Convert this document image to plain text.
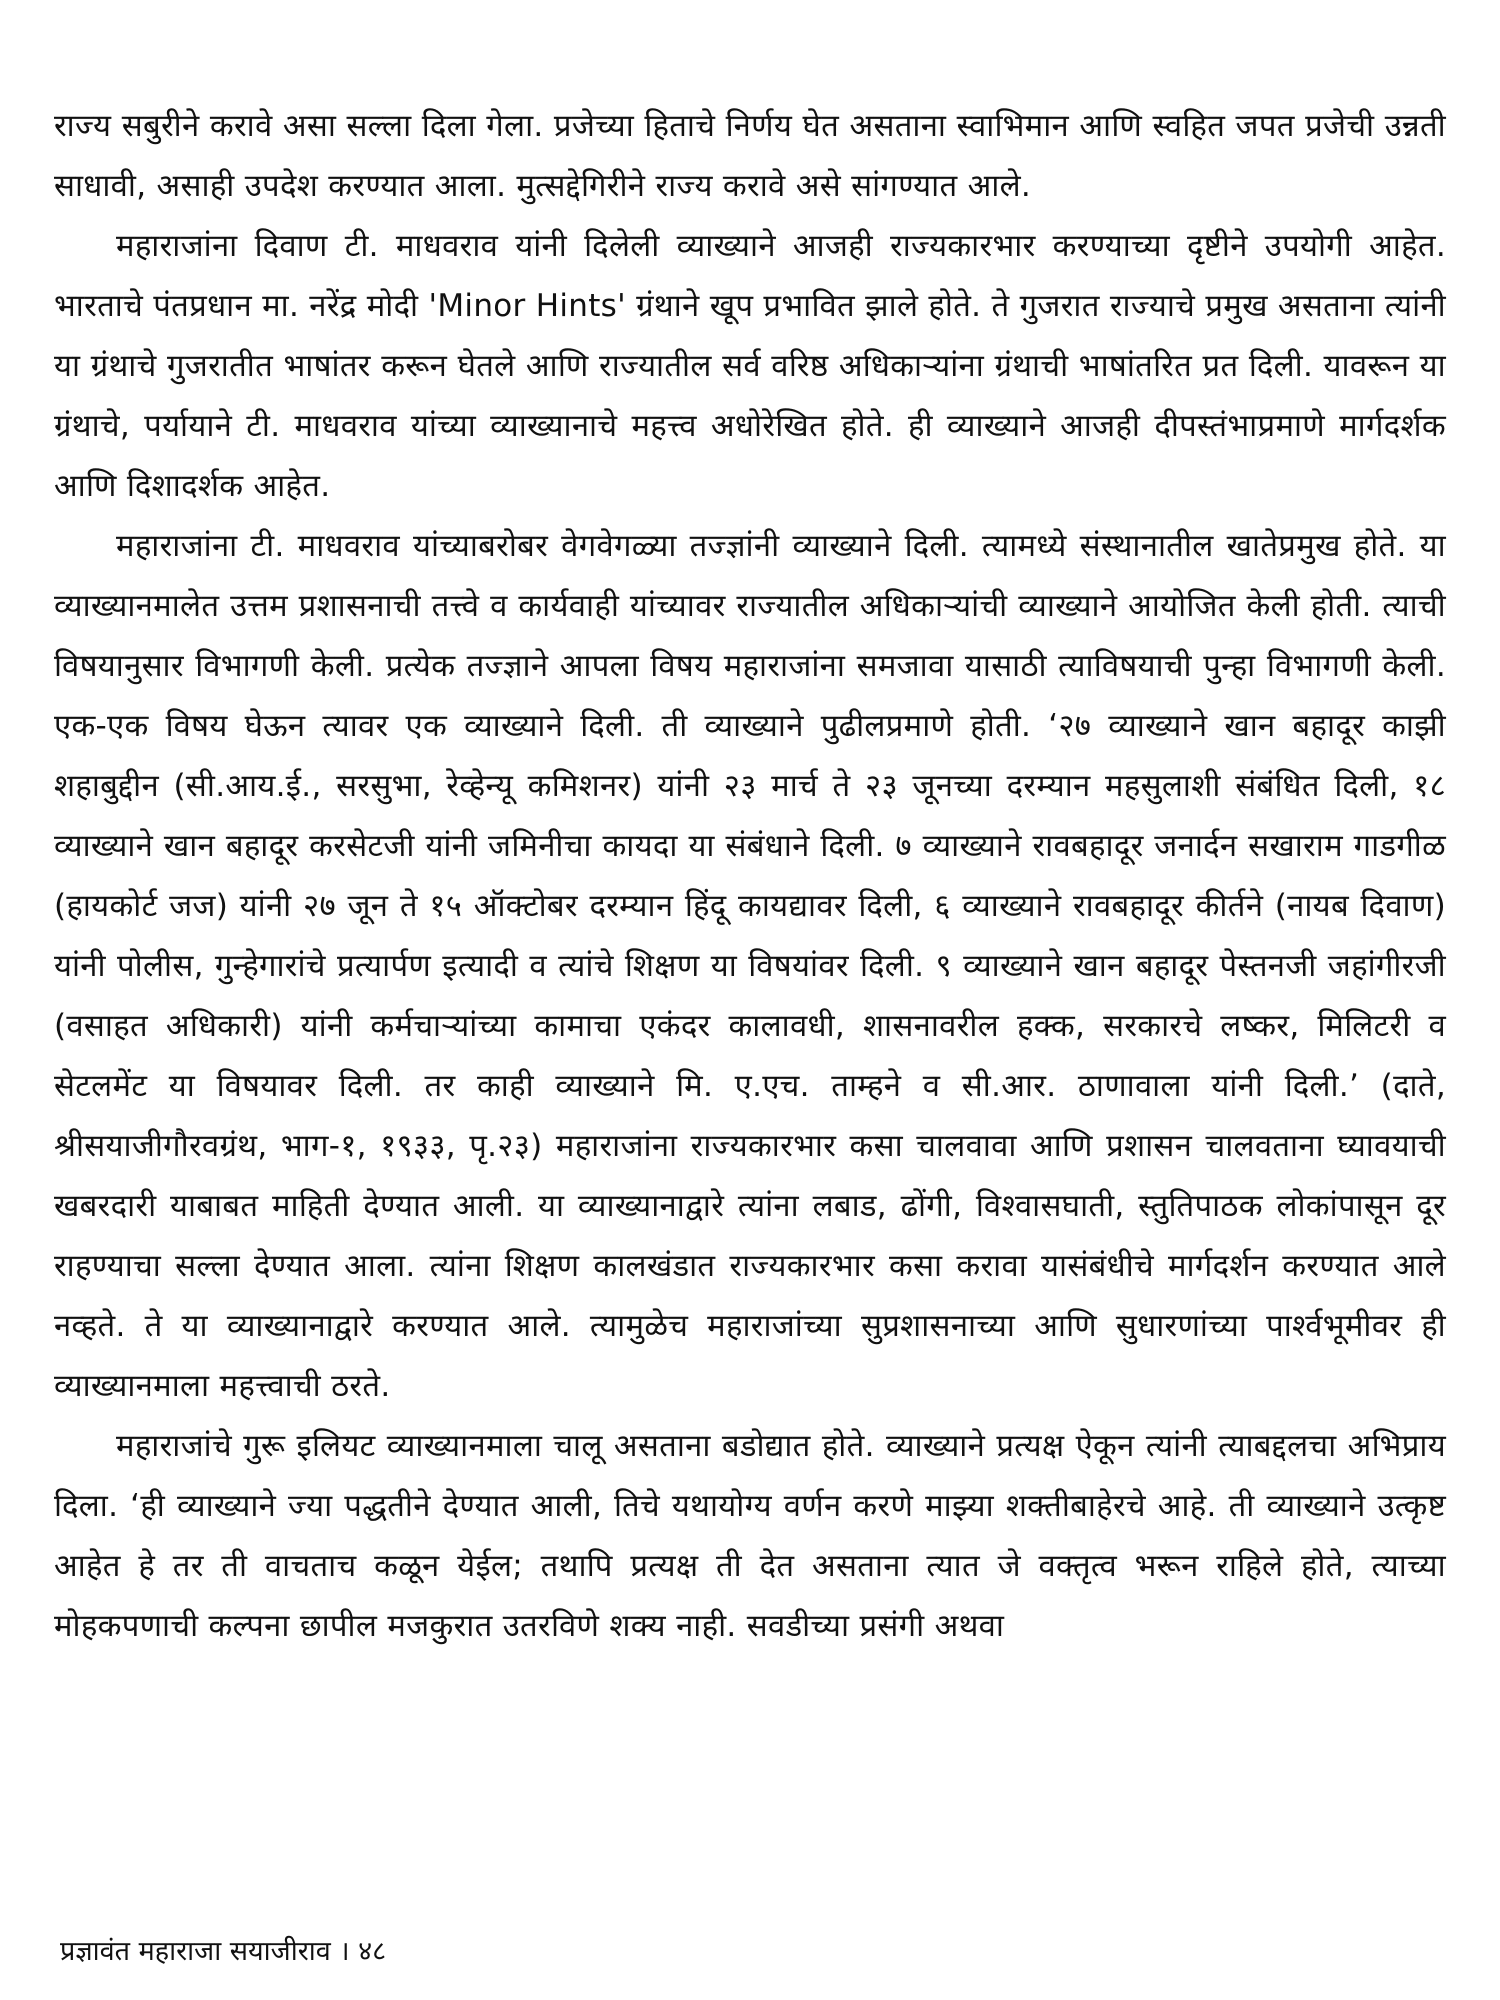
राज्य सबुरीने करावे असा सल्ला दिला गेला. प्रजेच्या हिताचे निर्णय घेत असताना स्वाभिमान आणि स्वहित जपत प्रजेची उन्नती साधावी, असाही उपदेश करण्यात आला. मुत्सद्देगिरीने राज्य करावे असे सांगण्यात आले.

महाराजांना दिवाण टी. माधवराव यांनी दिलेली व्याख्याने आजही राज्यकारभार करण्याच्या दृष्टीने उपयोगी आहेत. भारताचे पंतप्रधान मा. नरेंद्र मोदी 'Minor Hints' ग्रंथाने खूप प्रभावित झाले होते. ते गुजरात राज्याचे प्रमुख असताना त्यांनी या ग्रंथाचे गुजरातीत भाषांतर करून घेतले आणि राज्यातील सर्व वरिष्ठ अधिकाऱ्यांना ग्रंथाची भाषांतरित प्रत दिली. यावरून या ग्रंथाचे, पर्यायाने टी. माधवराव यांच्या व्याख्यानाचे महत्त्व अधोरेखित होते. ही व्याख्याने आजही दीपस्तंभाप्रमाणे मार्गदर्शक आणि दिशादर्शक आहेत.

महाराजांना टी. माधवराव यांच्याबरोबर वेगवेगळ्या तज्ज्ञांनी व्याख्याने दिली. त्यामध्ये संस्थानातील खातेप्रमुख होते. या व्याख्यानमालेत उत्तम प्रशासनाची तत्त्वे व कार्यवाही यांच्यावर राज्यातील अधिकाऱ्यांची व्याख्याने आयोजित केली होती. त्याची विषयानुसार विभागणी केली. प्रत्येक तज्ज्ञाने आपला विषय महाराजांना समजावा यासाठी त्याविषयाची पुन्हा विभागणी केली. एक-एक विषय घेऊन त्यावर एक व्याख्याने दिली. ती व्याख्याने पुढीलप्रमाणे होती. ‘२७ व्याख्याने खान बहादूर काझी शहाबुद्दीन (सी.आय.ई., सरसुभा, रेव्हेन्यू कमिशनर) यांनी २३ मार्च ते २३ जूनच्या दरम्यान महसुलाशी संबंधित दिली, १८ व्याख्याने खान बहादूर करसेटजी यांनी जमिनीचा कायदा या संबंधाने दिली. ७ व्याख्याने रावबहादूर जनार्दन सखाराम गाडगीळ (हायकोर्ट जज) यांनी २७ जून ते १५ ऑक्टोबर दरम्यान हिंदू कायद्यावर दिली, ६ व्याख्याने रावबहादूर कीर्तने (नायब दिवाण) यांनी पोलीस, गुन्हेगारांचे प्रत्यार्पण इत्यादी व त्यांचे शिक्षण या विषयांवर दिली. ९ व्याख्याने खान बहादूर पेस्तनजी जहांगीरजी (वसाहत अधिकारी) यांनी कर्मचाऱ्यांच्या कामाचा एकंदर कालावधी, शासनावरील हक्क, सरकारचे लष्कर, मिलिटरी व सेटलमेंट या विषयावर दिली. तर काही व्याख्याने मि. ए.एच. ताम्हने व सी.आर. ठाणावाला यांनी दिली.’ (दाते, श्रीसयाजीगौरवग्रंथ, भाग-१, १९३३, पृ.२३) महाराजांना राज्यकारभार कसा चालवावा आणि प्रशासन चालवताना घ्यावयाची खबरदारी याबाबत माहिती देण्यात आली. या व्याख्यानाद्वारे त्यांना लबाड, ढोंगी, विश्वासघाती, स्तुतिपाठक लोकांपासून दूर राहण्याचा सल्ला देण्यात आला. त्यांना शिक्षण कालखंडात राज्यकारभार कसा करावा यासंबंधीचे मार्गदर्शन करण्यात आले नव्हते. ते या व्याख्यानाद्वारे करण्यात आले. त्यामुळेच महाराजांच्या सुप्रशासनाच्या आणि सुधारणांच्या पार्श्वभूमीवर ही व्याख्यानमाला महत्त्वाची ठरते.

महाराजांचे गुरू इलियट व्याख्यानमाला चालू असताना बडोद्यात होते. व्याख्याने प्रत्यक्ष ऐकून त्यांनी त्याबद्दलचा अभिप्राय दिला. ‘ही व्याख्याने ज्या पद्धतीने देण्यात आली, तिचे यथायोग्य वर्णन करणे माझ्या शक्तीबाहेरचे आहे. ती व्याख्याने उत्कृष्ट आहेत हे तर ती वाचताच कळून येईल; तथापि प्रत्यक्ष ती देत असताना त्यात जे वक्तृत्व भरून राहिले होते, त्याच्या मोहकपणाची कल्पना छापील मजकुरात उतरविणे शक्य नाही. सवडीच्या प्रसंगी अथवा

प्रज्ञावंत महाराजा सयाजीराव । ४८
